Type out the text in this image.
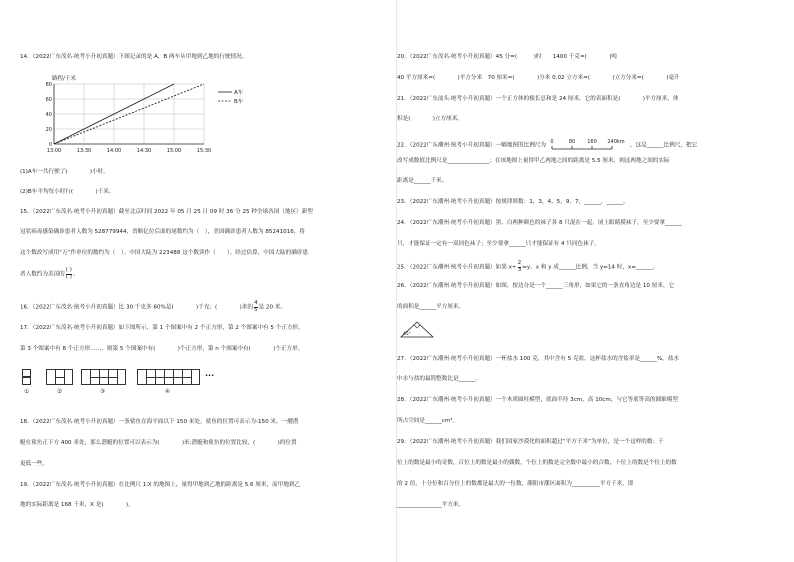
14．（2022广东茂名·统考小升初真题）下图记录的是 A、B 两车从甲地到乙地的行驶情况。
路程/千米
0
20
40
60
80
13:00	13:30	14:00	14:30	15:00	15:30
A车
B车
(1)A车一共行驶了(　　　　)小时。
(2)B车平均每小时行(　　　　)千米。
15．（2022广东茂名·统考小升初真题）截至北京时间 2022 年 05 月 25 日 09 时 36 分 25 秒全球各国（地区）新型
冠状病毒感染确诊患者人数为 528779944，省略亿位后面的尾数约为（　），美国确诊患者人数为 85241016，将
这个数改写成用“万”作单位的数约为（　）。中国大陆为 223488 这个数读作（　　）。经过估算，中国大陆的确诊患
者人数约为美国的 $\frac{( )}{( )}$ 。
16．（2022广东茂名·统考小升初真题）比 30 千克多 60%是(　　　　)千克；(　　　　)米的 $\frac{4}{5}$ 是 20 米。
17．（2022广东茂名·统考小升初真题）如下图所示，第 1 个图案中有 2 个正方形，第 2 个图案中有 5 个正方形，
第 3 个图案中有 8 个正方形……，则第 5 个图案中有(　　　　)个正方形，第 n 个图案中有(　　　　)个正方形。
···
①	②	③	④
18．（2022广东茂名·统考小升初真题）一条鲨鱼在海平面以下 150 米处，鲨鱼的位置可表示为-150 米，一艘潜
艇在鲨鱼正下方 400 米处，那么潜艇的位置可以表示为(　　　　)米;潜艇和鲨鱼的位置比较，(　　　　)的位置
更低一些。
19．（2022广东茂名·统考小升初真题）在比例尺 1∶X 的地图上，量得甲地到乙地的距离是 5.6 厘米，而甲地到乙
地的实际距离是 168 千米，X 是(　　　　)。
20．（2022广东茂名·统考小升初真题）45 分=(　　　)时　　1400 千克=(　　　　)吨
40 平方厘米=(　　　　)平方分米　70 厘米=(　　　　)分米 0.02 立方米=(　　　　)立方分米=(　　　　)毫升
21．（2022广东汕头·统考小升初真题）一个正方体的棱长总和是 24 厘米，它的表面积是(　　　　)平方厘米，体
积是(　　　　)立方厘米。
22．（2022广东潮州·统考小升初真题）一幅地图的比例尺为
0	80 160 240km
，这是______比例尺，把它
改写成数值比例尺是_______________；在该地图上量得甲乙两地之间的距离是 5.5 厘米，则这两地之间的实际
距离是______千米。
23．（2022广东潮州·统考小升初真题）按规律填数：1，3，4，5，9，7，______，______。
24．（2022广东潮州·统考小升初真题）黑、白两种颜色的袜子各 8 只混在一起，闭上眼睛摸袜子，至少要拿______
只，才能保证一定有一双同色袜子；至少要拿______只才能保证有 4 只同色袜子。
25．（2022广东潮州·统考小升初真题）如果 $x\div \frac{2}{3} =y$，x 和 y 成______比例，当 y=14 时，x=______。
26．（2022广东潮州·统考小升初真题）如图，按边分是一个______三角形，如果它的一条直角边是 10 厘米，它
的面积是______平方厘米。
45°
27．（2022广东潮州·统考小升初真题）一杯盐水 100 克，其中含有 5 克盐，这杯盐水的含盐率是______%，盐水
中水与盐的最简整数比是______。
28．（2022广东潮州·统考小升初真题）一个木质圆柱模型，底面半径 3cm，高 10cm，与它等底等高的圆锥模型
所占空间是______cm³。
29．（2022广东潮州·统考小升初真题）我们国家沙漠化的面积超过“平方千米”为单位，是一个这样的数：千
位上的数是最小的奇数，百位上的数是最小的偶数，个位上的数是完全数中最小的合数，十位上的数是个位上的数
的 2 倍，十分位和百分位上的数都是最大的一位数，潮阳市潮区面积为__________平方千米，即
________________平方米。
